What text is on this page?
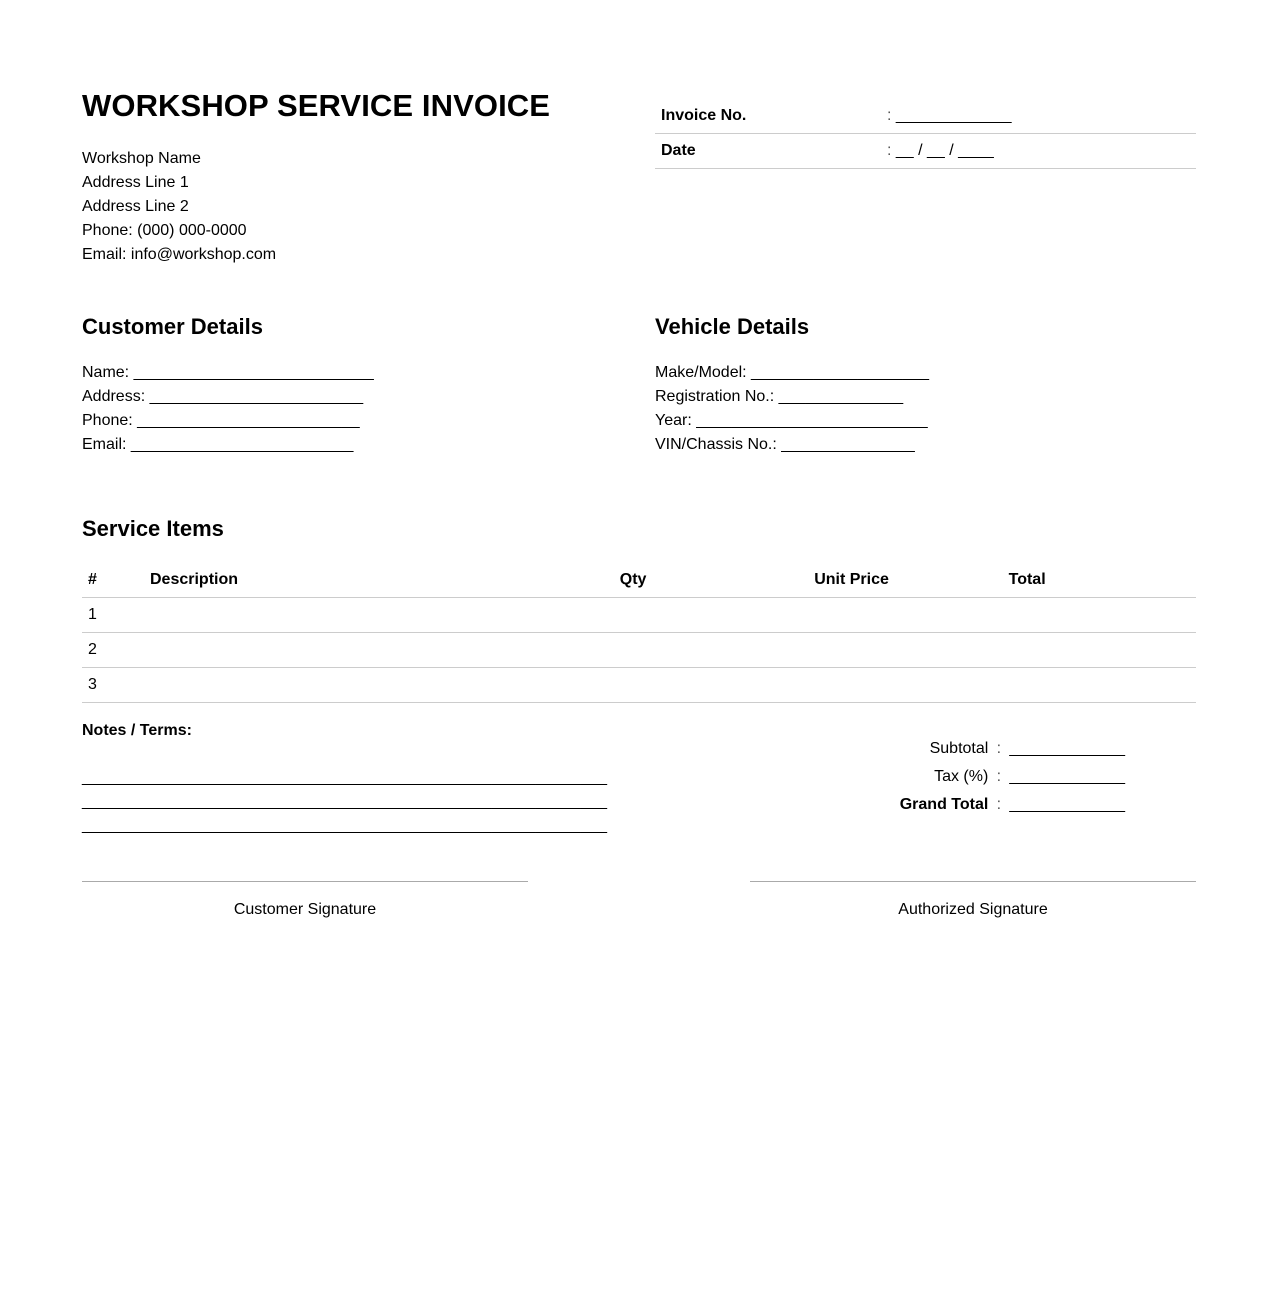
WORKSHOP SERVICE INVOICE
Workshop Name
Address Line 1
Address Line 2
Phone: (000) 000-0000
Email: info@workshop.com
Invoice No.	: _____________
Date	: __ / __ / ____
Customer Details
Name: ___________________________
Address: ________________________
Phone: _________________________
Email: _________________________
Vehicle Details
Make/Model: ____________________
Registration No.: ______________
Year: __________________________
VIN/Chassis No.: _______________
Service Items
#	Description	Qty	Unit Price	Total
1				
2				
3				
Notes / Terms:
___________________________________________________________
___________________________________________________________
___________________________________________________________
Subtotal : _____________
Tax (%) : _____________
Grand Total : _____________
Customer Signature	Authorized Signature
